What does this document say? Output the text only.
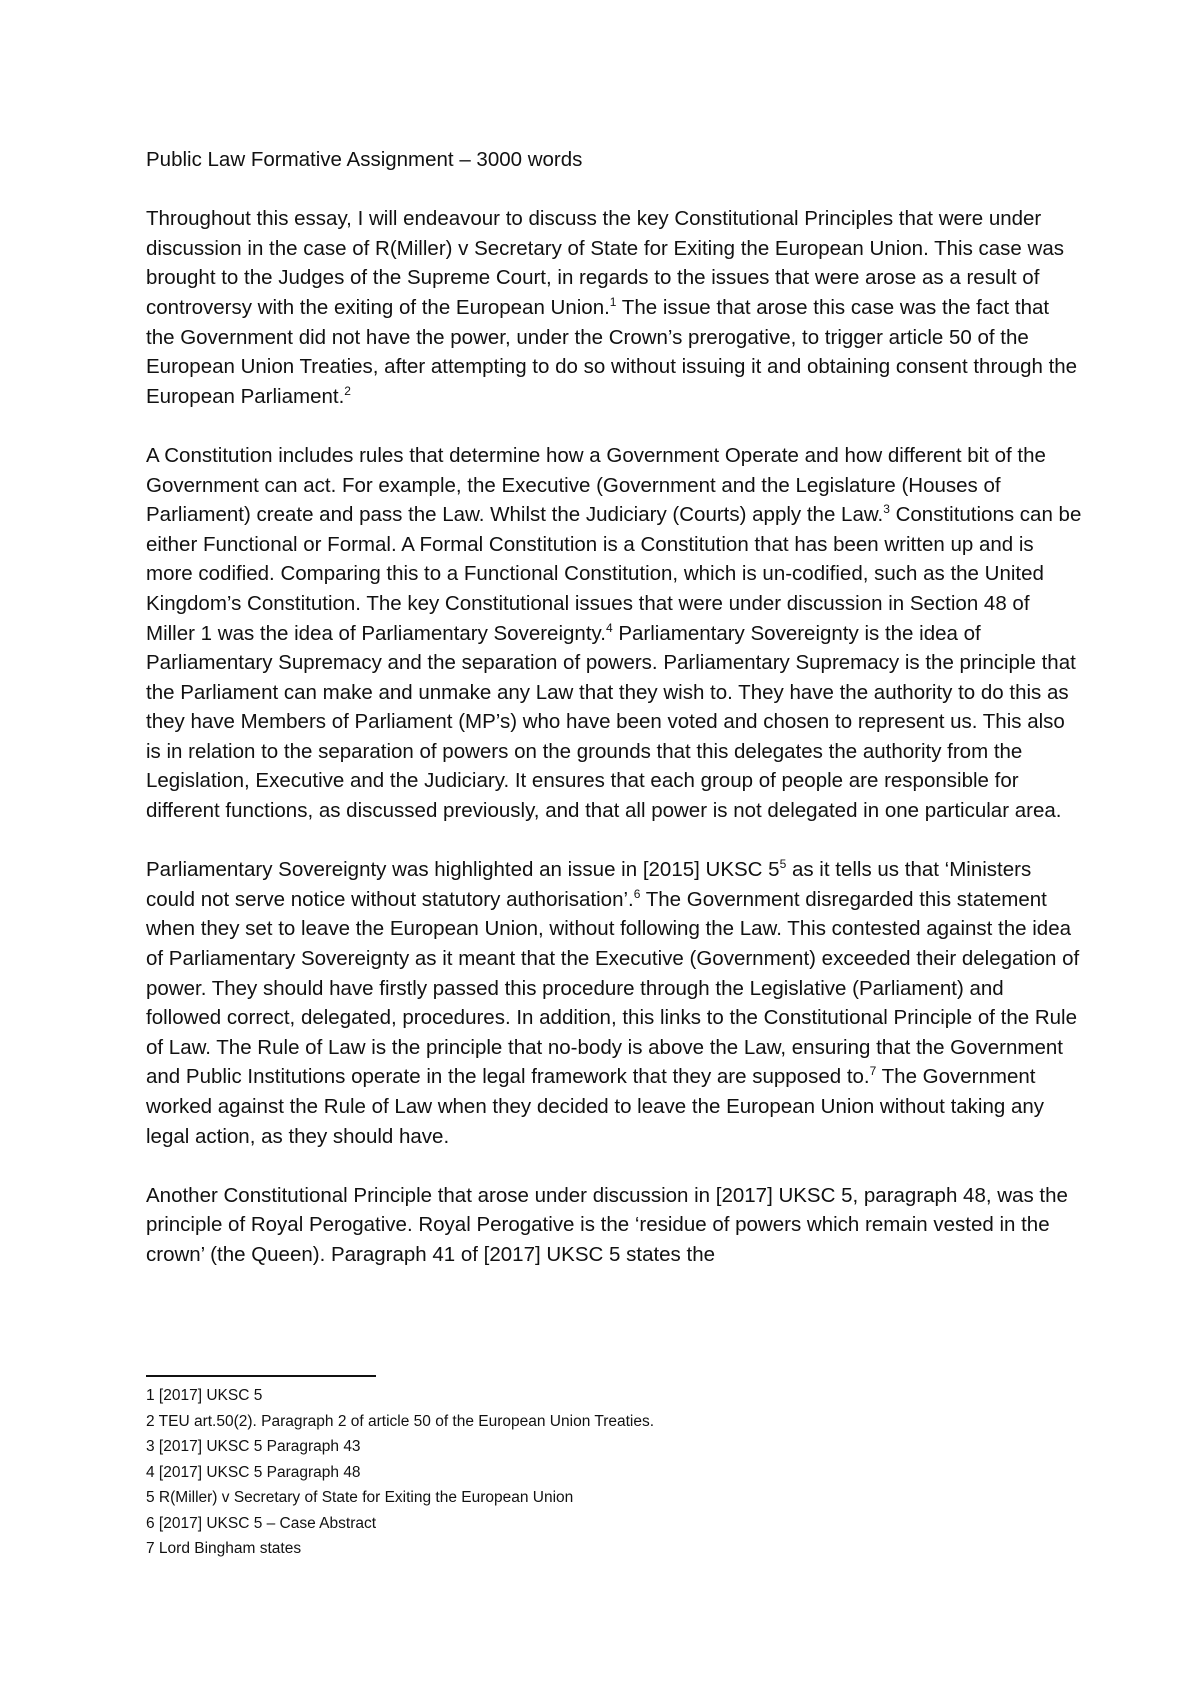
Public Law Formative Assignment – 3000 words

Throughout this essay, I will endeavour to discuss the key Constitutional Principles that were under discussion in the case of R(Miller) v Secretary of State for Exiting the European Union. This case was brought to the Judges of the Supreme Court, in regards to the issues that were arose as a result of controversy with the exiting of the European Union.$^1$ The issue that arose this case was the fact that the Government did not have the power, under the Crown’s prerogative, to trigger article 50 of the European Union Treaties, after attempting to do so without issuing it and obtaining consent through the European Parliament.$^2$

A Constitution includes rules that determine how a Government Operate and how different bit of the Government can act. For example, the Executive (Government and the Legislature (Houses of Parliament) create and pass the Law. Whilst the Judiciary (Courts) apply the Law.$^3$ Constitutions can be either Functional or Formal. A Formal Constitution is a Constitution that has been written up and is more codified. Comparing this to a Functional Constitution, which is un-codified, such as the United Kingdom’s Constitution. The key Constitutional issues that were under discussion in Section 48 of Miller 1 was the idea of Parliamentary Sovereignty.$^4$ Parliamentary Sovereignty is the idea of Parliamentary Supremacy and the separation of powers. Parliamentary Supremacy is the principle that the Parliament can make and unmake any Law that they wish to. They have the authority to do this as they have Members of Parliament (MP’s) who have been voted and chosen to represent us. This also is in relation to the separation of powers on the grounds that this delegates the authority from the Legislation, Executive and the Judiciary. It ensures that each group of people are responsible for different functions, as discussed previously, and that all power is not delegated in one particular area.

Parliamentary Sovereignty was highlighted an issue in [2015] UKSC $5^5$ as it tells us that ‘Ministers could not serve notice without statutory authorisation’.$^6$ The Government disregarded this statement when they set to leave the European Union, without following the Law. This contested against the idea of Parliamentary Sovereignty as it meant that the Executive (Government) exceeded their delegation of power. They should have firstly passed this procedure through the Legislative (Parliament) and followed correct, delegated, procedures. In addition, this links to the Constitutional Principle of the Rule of Law. The Rule of Law is the principle that no-body is above the Law, ensuring that the Government and Public Institutions operate in the legal framework that they are supposed to.$^7$ The Government worked against the Rule of Law when they decided to leave the European Union without taking any legal action, as they should have.

Another Constitutional Principle that arose under discussion in [2017] UKSC 5, paragraph 48, was the principle of Royal Perogative. Royal Perogative is the ‘residue of powers which remain vested in the crown’ (the Queen). Paragraph 41 of [2017] UKSC 5 states the

1 [2017] UKSC 5
2 TEU art.50(2). Paragraph 2 of article 50 of the European Union Treaties.
3 [2017] UKSC 5 Paragraph 43
4 [2017] UKSC 5 Paragraph 48
5 R(Miller) v Secretary of State for Exiting the European Union
6 [2017] UKSC 5 – Case Abstract
7 Lord Bingham states
